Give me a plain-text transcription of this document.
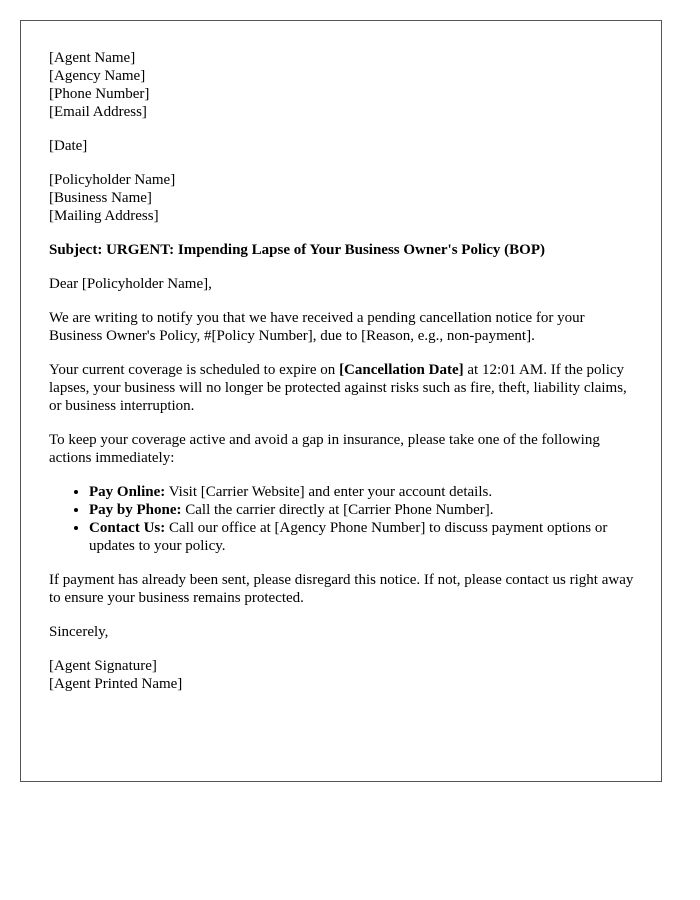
[Agent Name]
[Agency Name]
[Phone Number]
[Email Address]
[Date]
[Policyholder Name]
[Business Name]
[Mailing Address]

Subject: URGENT: Impending Lapse of Your Business Owner's Policy (BOP)

Dear [Policyholder Name],

We are writing to notify you that we have received a pending cancellation notice for your Business Owner's Policy, #[Policy Number], due to [Reason, e.g., non-payment].

Your current coverage is scheduled to expire on [Cancellation Date] at 12:01 AM. If the policy lapses, your business will no longer be protected against risks such as fire, theft, liability claims, or business interruption.

To keep your coverage active and avoid a gap in insurance, please take one of the following actions immediately:

• Pay Online: Visit [Carrier Website] and enter your account details.
• Pay by Phone: Call the carrier directly at [Carrier Phone Number].
• Contact Us: Call our office at [Agency Phone Number] to discuss payment options or updates to your policy.

If payment has already been sent, please disregard this notice. If not, please contact us right away to ensure your business remains protected.

Sincerely,

[Agent Signature]
[Agent Printed Name]
